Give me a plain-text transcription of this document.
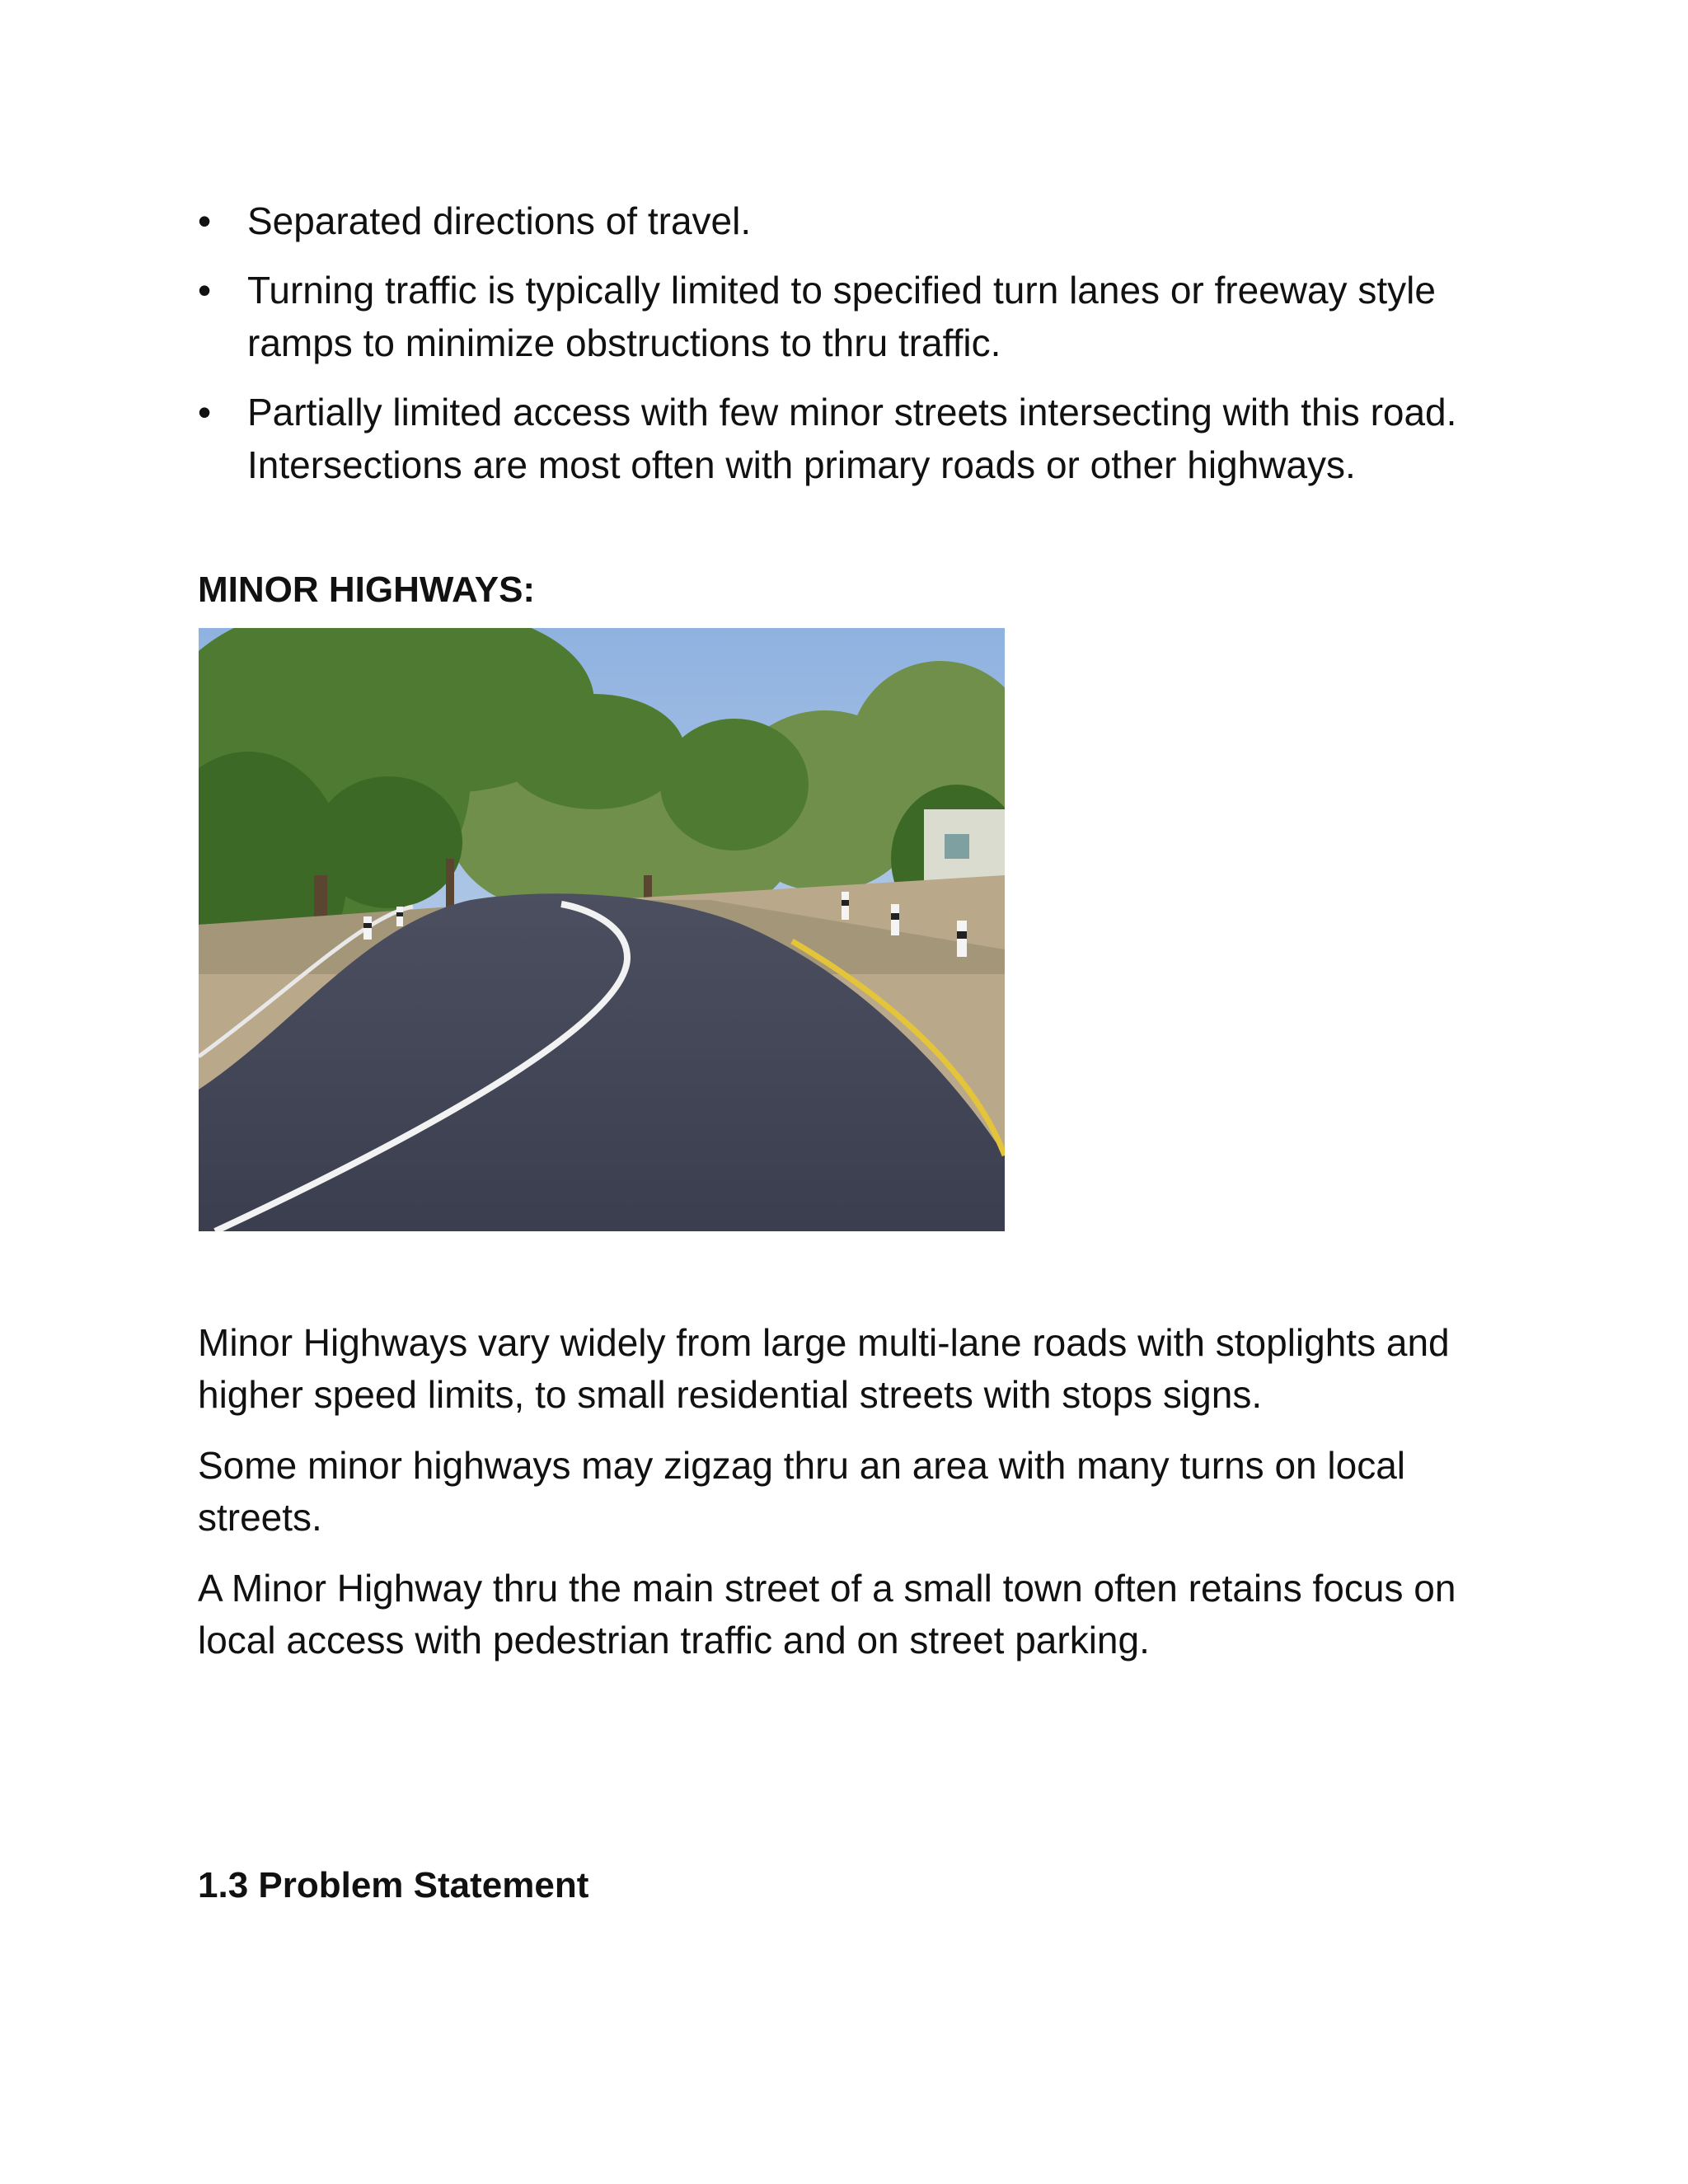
• Separated directions of travel.
• Turning traffic is typically limited to specified turn lanes or freeway style ramps to minimize obstructions to thru traffic.
• Partially limited access with few minor streets intersecting with this road. Intersections are most often with primary roads or other highways.
MINOR HIGHWAYS:

Minor Highways vary widely from large multi-lane roads with stoplights and higher speed limits, to small residential streets with stops signs.

Some minor highways may zigzag thru an area with many turns on local streets.

A Minor Highway thru the main street of a small town often retains focus on local access with pedestrian traffic and on street parking.

1.3 Problem Statement
